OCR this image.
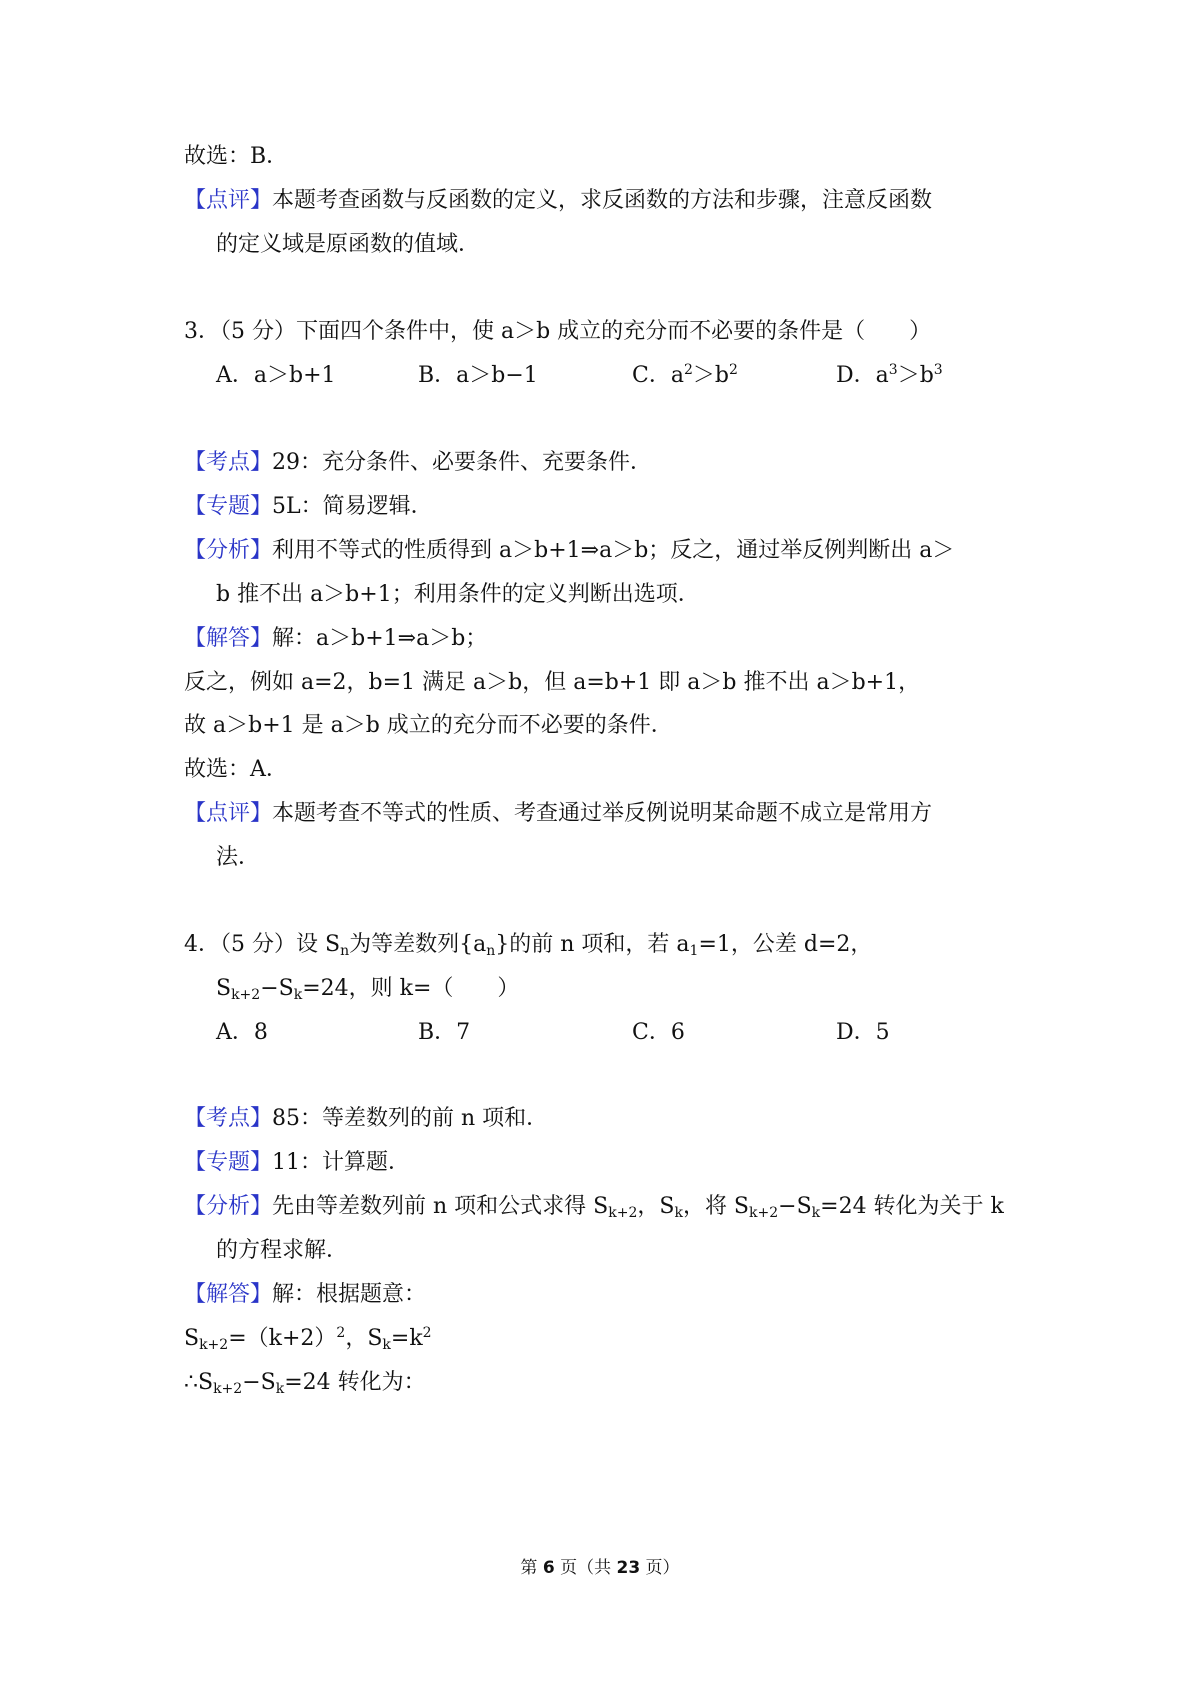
故选：B．
【点评】本题考查函数与反函数的定义，求反函数的方法和步骤，注意反函数
的定义域是原函数的值域．
3．（5 分）下面四个条件中，使 a＞b 成立的充分而不必要的条件是（　　）
A．a＞b+1	B．a＞b−1	C．$a^2>b^2$	D．$a^3>b^3$
【考点】29：充分条件、必要条件、充要条件．
【专题】5L：简易逻辑．
【分析】利用不等式的性质得到 a＞b+1⇒a＞b；反之，通过举反例判断出 a＞
b 推不出 a＞b+1；利用条件的定义判断出选项．
【解答】解：a＞b+1⇒a＞b；
反之，例如 a=2，b=1 满足 a＞b，但 a=b+1 即 a＞b 推不出 a＞b+1，
故 a＞b+1 是 a＞b 成立的充分而不必要的条件．
故选：A．
【点评】本题考查不等式的性质、考查通过举反例说明某命题不成立是常用方
法．
4．（5 分）设 $S_n$为等差数列$\{a_n\}$的前 n 项和，若 $a_1=1$，公差 d=2，
$S_{k+2}-S_k=24$，则 k=（　　）
A．8	B．7	C．6	D．5
【考点】85：等差数列的前 n 项和．
【专题】11：计算题．
【分析】先由等差数列前 n 项和公式求得 $S_{k+2}$，$S_k$，将 $S_{k+2}-S_k=24$ 转化为关于 k
的方程求解．
【解答】解：根据题意：
$S_{k+2}=(k+2)^2$，$S_k=k^2$
$\therefore S_{k+2}-S_k=24$ 转化为：
第 6 页（共 23 页）
